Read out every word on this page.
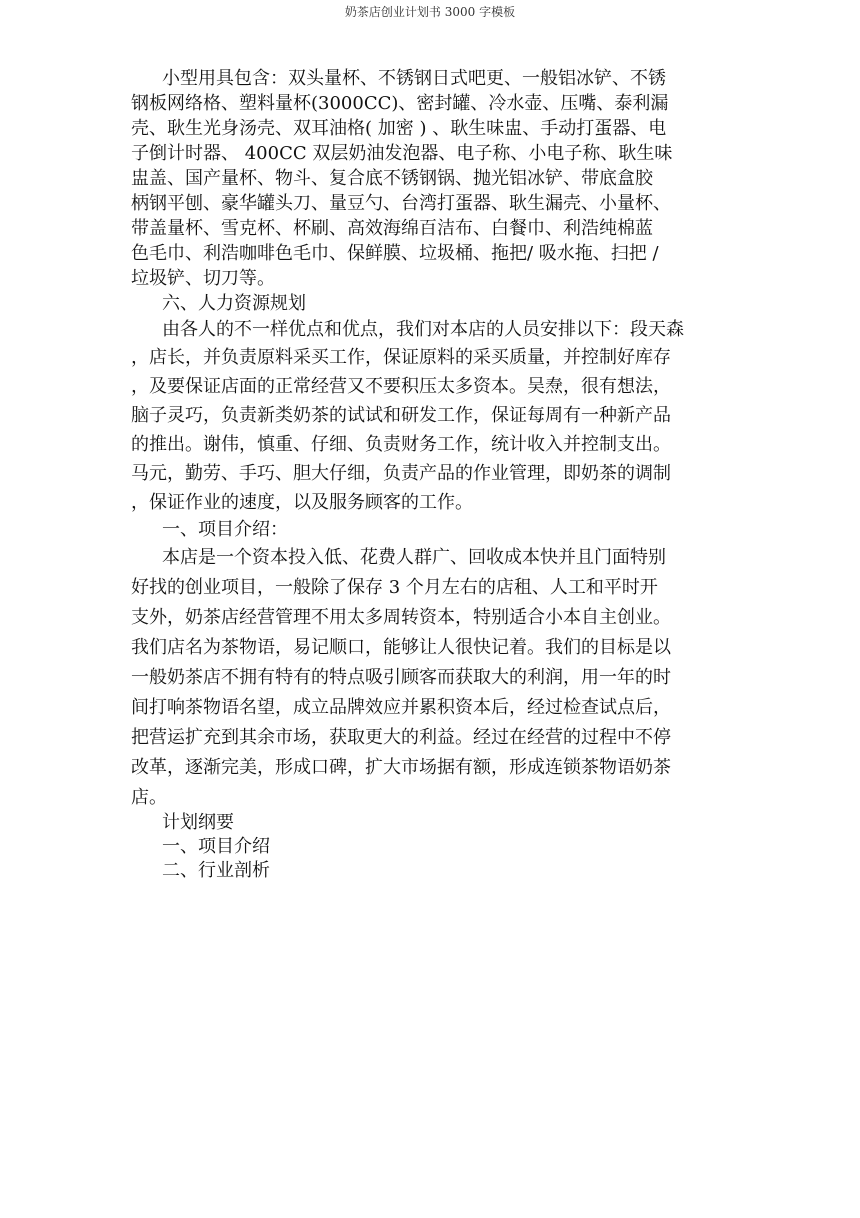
奶茶店创业计划书 3000 字模板
小型用具包含：双头量杯、不锈钢日式吧更、一般铝冰铲、不锈
钢板网络格、塑料量杯(3000CC)、密封罐、冷水壶、压嘴、泰利漏
壳、耿生光身汤壳、双耳油格( 加密 ) 、耿生味盅、手动打蛋器、电
子倒计时器、 400CC 双层奶油发泡器、电子称、小电子称、耿生味
盅盖、国产量杯、物斗、复合底不锈钢锅、抛光铝冰铲、带底盒胶
柄钢平刨、豪华罐头刀、量豆勺、台湾打蛋器、耿生漏壳、小量杯、
带盖量杯、雪克杯、杯刷、高效海绵百洁布、白餐巾、利浩纯棉蓝
色毛巾、利浩咖啡色毛巾、保鲜膜、垃圾桶、拖把/ 吸水拖、扫把 /
垃圾铲、切刀等。
六、人力资源规划
由各人的不一样优点和优点，我们对本店的人员安排以下：段天森
，店长，并负责原料采买工作，保证原料的采买质量，并控制好库存
，及要保证店面的正常经营又不要积压太多资本。吴焘，很有想法，
脑子灵巧，负责新类奶茶的试试和研发工作，保证每周有一种新产品
的推出。谢伟，慎重、仔细、负责财务工作，统计收入并控制支出。
马元，勤劳、手巧、胆大仔细，负责产品的作业管理，即奶茶的调制
，保证作业的速度，以及服务顾客的工作。
一、项目介绍：
本店是一个资本投入低、花费人群广、回收成本快并且门面特别
好找的创业项目，一般除了保存 3 个月左右的店租、人工和平时开
支外，奶茶店经营管理不用太多周转资本，特别适合小本自主创业。
我们店名为茶物语，易记顺口，能够让人很快记着。我们的目标是以
一般奶茶店不拥有特有的特点吸引顾客而获取大的利润，用一年的时
间打响茶物语名望，成立品牌效应并累积资本后，经过检查试点后，
把营运扩充到其余市场，获取更大的利益。经过在经营的过程中不停
改革，逐渐完美，形成口碑，扩大市场据有额，形成连锁茶物语奶茶
店。
计划纲要
一、项目介绍
二、行业剖析
